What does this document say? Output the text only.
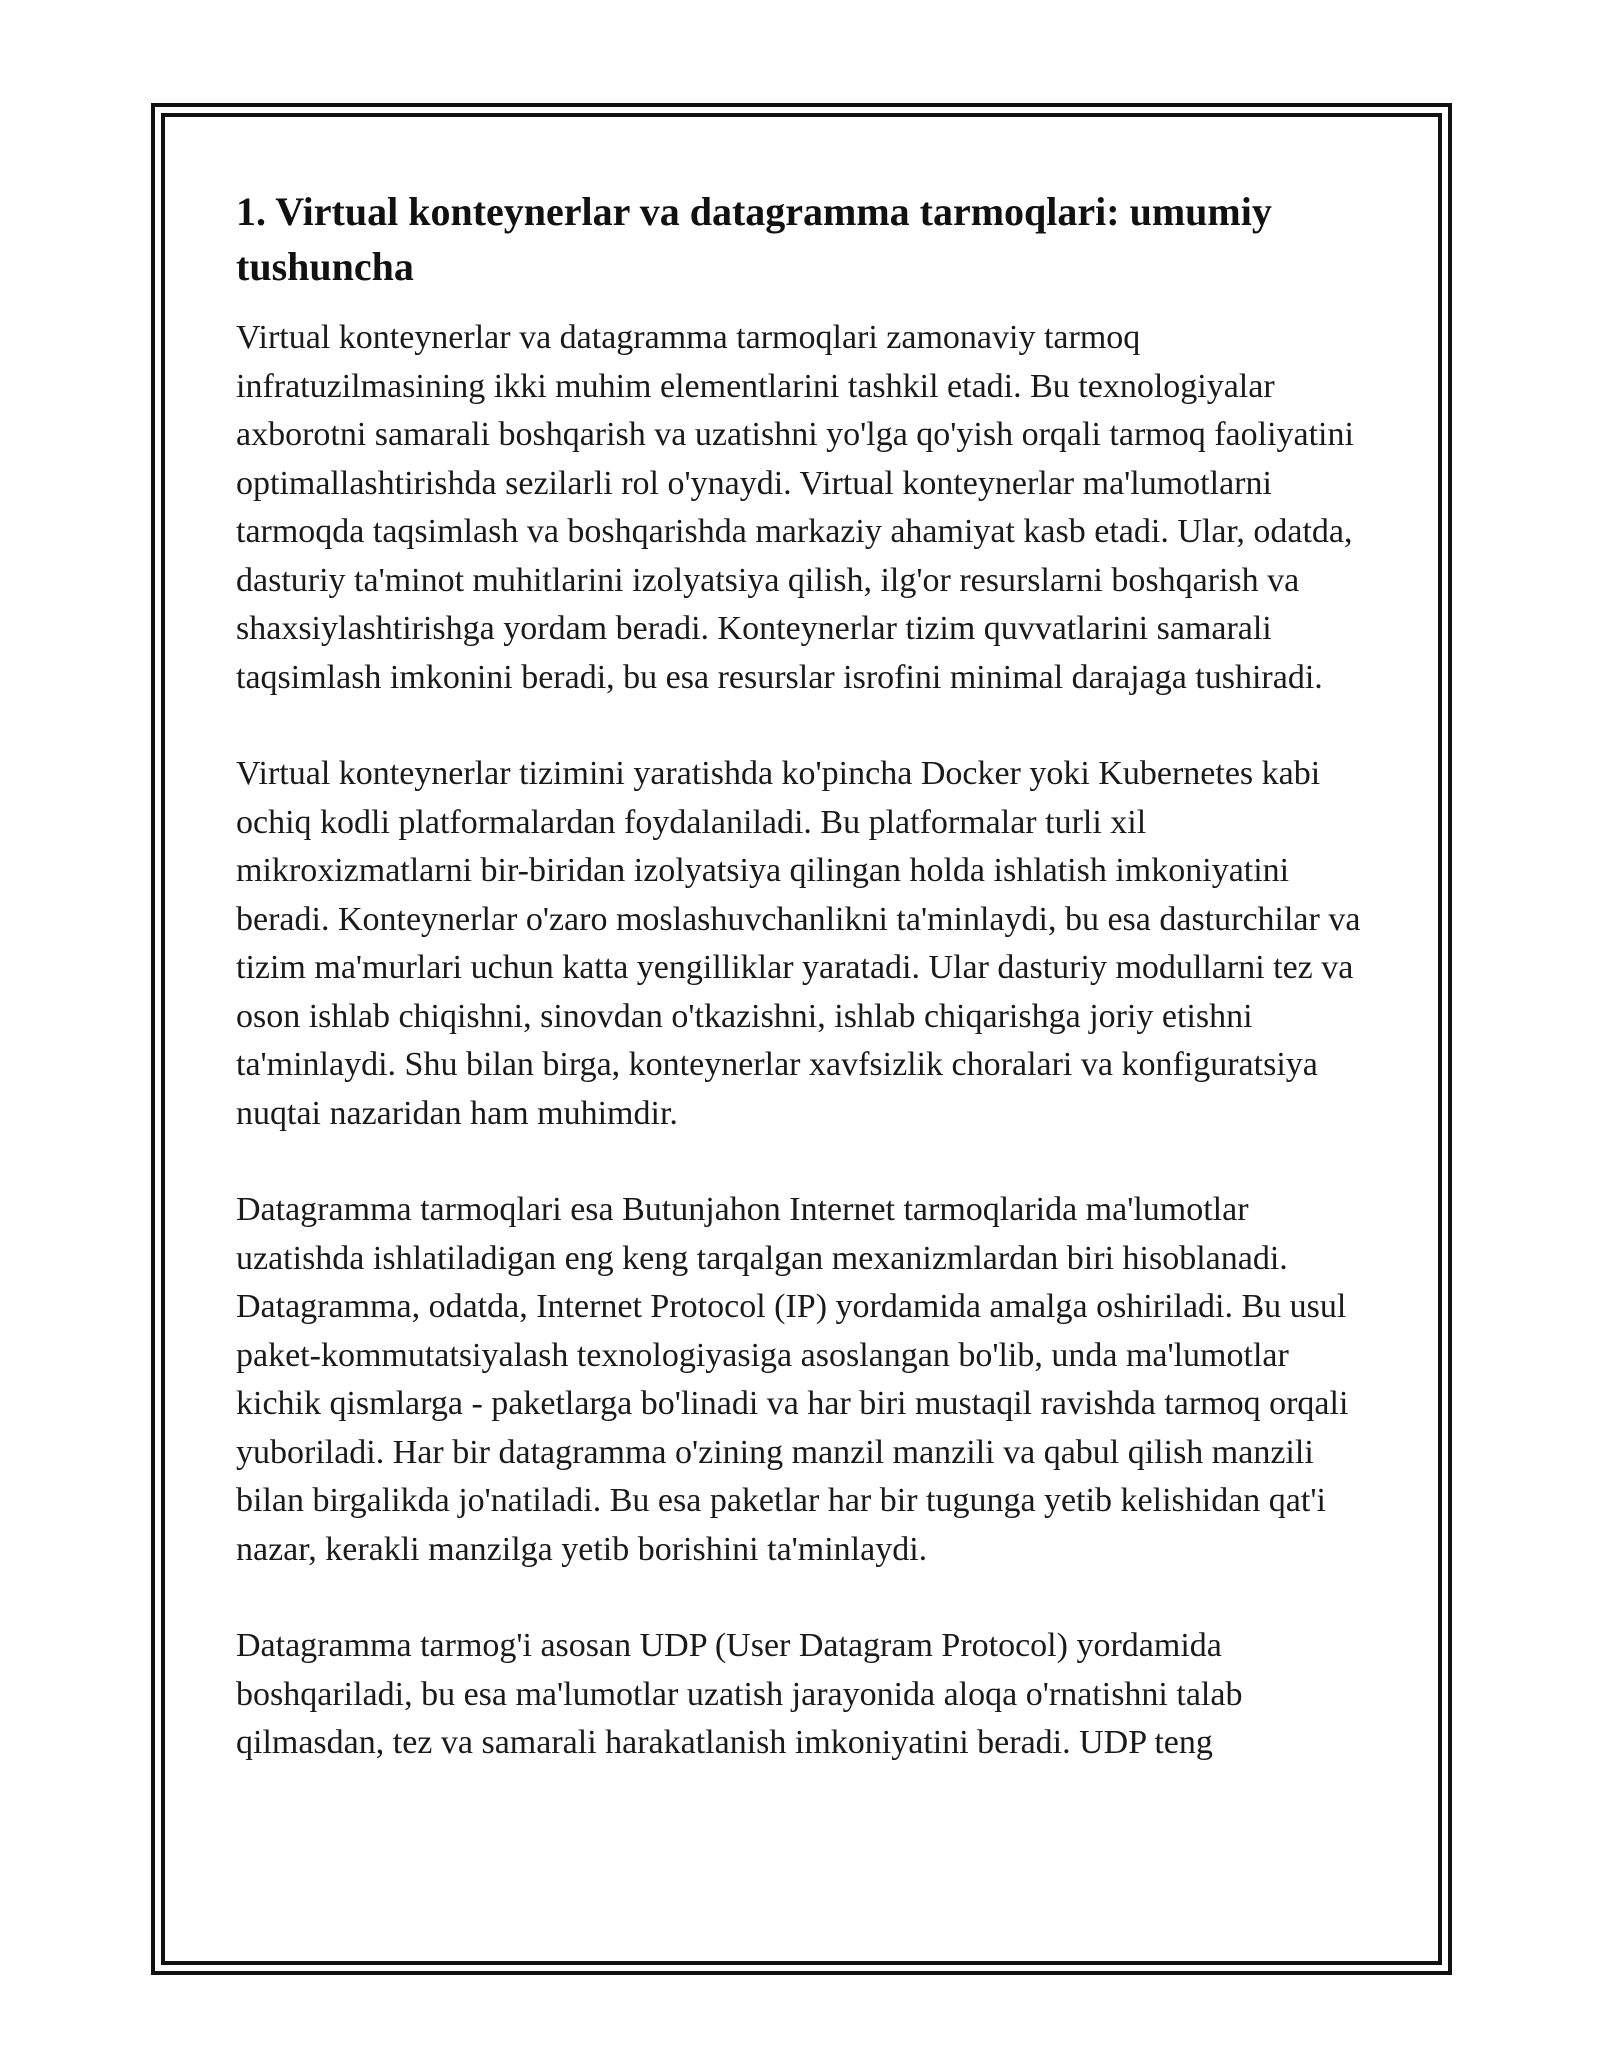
1. Virtual konteynerlar va datagramma tarmoqlari: umumiy tushuncha

Virtual konteynerlar va datagramma tarmoqlari zamonaviy tarmoq infratuzilmasining ikki muhim elementlarini tashkil etadi. Bu texnologiyalar axborotni samarali boshqarish va uzatishni yo'lga qo'yish orqali tarmoq faoliyatini optimallashtirishda sezilarli rol o'ynaydi. Virtual konteynerlar ma'lumotlarni tarmoqda taqsimlash va boshqarishda markaziy ahamiyat kasb etadi. Ular, odatda, dasturiy ta'minot muhitlarini izolyatsiya qilish, ilg'or resurslarni boshqarish va shaxsiylashtirishga yordam beradi. Konteynerlar tizim quvvatlarini samarali taqsimlash imkonini beradi, bu esa resurslar isrofini minimal darajaga tushiradi.

Virtual konteynerlar tizimini yaratishda ko'pincha Docker yoki Kubernetes kabi ochiq kodli platformalardan foydalaniladi. Bu platformalar turli xil mikroxizmatlarni bir-biridan izolyatsiya qilingan holda ishlatish imkoniyatini beradi. Konteynerlar o'zaro moslashuvchanlikni ta'minlaydi, bu esa dasturchilar va tizim ma'murlari uchun katta yengilliklar yaratadi. Ular dasturiy modullarni tez va oson ishlab chiqishni, sinovdan o'tkazishni, ishlab chiqarishga joriy etishni ta'minlaydi. Shu bilan birga, konteynerlar xavfsizlik choralari va konfiguratsiya nuqtai nazaridan ham muhimdir.

Datagramma tarmoqlari esa Butunjahon Internet tarmoqlarida ma'lumotlar uzatishda ishlatiladigan eng keng tarqalgan mexanizmlardan biri hisoblanadi. Datagramma, odatda, Internet Protocol (IP) yordamida amalga oshiriladi. Bu usul paket-kommutatsiyalash texnologiyasiga asoslangan bo'lib, unda ma'lumotlar kichik qismlarga - paketlarga bo'linadi va har biri mustaqil ravishda tarmoq orqali yuboriladi. Har bir datagramma o'zining manzil manzili va qabul qilish manzili bilan birgalikda jo'natiladi. Bu esa paketlar har bir tugunga yetib kelishidan qat'i nazar, kerakli manzilga yetib borishini ta'minlaydi.

Datagramma tarmog'i asosan UDP (User Datagram Protocol) yordamida boshqariladi, bu esa ma'lumotlar uzatish jarayonida aloqa o'rnatishni talab qilmasdan, tez va samarali harakatlanish imkoniyatini beradi. UDP teng
